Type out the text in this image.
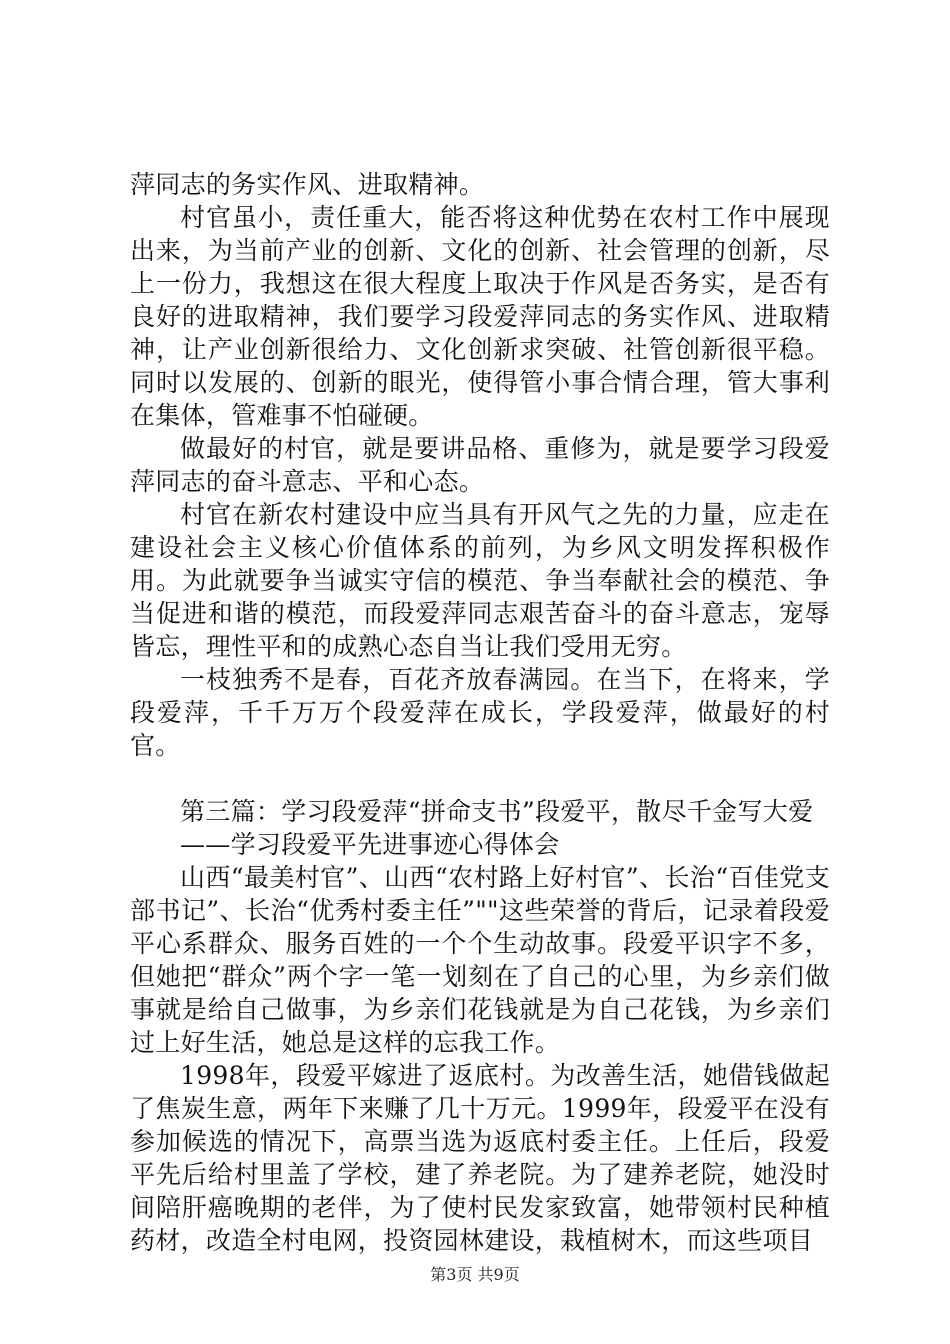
萍同志的务实作风、进取精神。

村官虽小，责任重大，能否将这种优势在农村工作中展现出来，为当前产业的创新、文化的创新、社会管理的创新，尽上一份力，我想这在很大程度上取决于作风是否务实，是否有良好的进取精神，我们要学习段爱萍同志的务实作风、进取精神，让产业创新很给力、文化创新求突破、社管创新很平稳。同时以发展的、创新的眼光，使得管小事合情合理，管大事利在集体，管难事不怕碰硬。

做最好的村官，就是要讲品格、重修为，就是要学习段爱萍同志的奋斗意志、平和心态。

村官在新农村建设中应当具有开风气之先的力量，应走在建设社会主义核心价值体系的前列，为乡风文明发挥积极作用。为此就要争当诚实守信的模范、争当奉献社会的模范、争当促进和谐的模范，而段爱萍同志艰苦奋斗的奋斗意志，宠辱皆忘，理性平和的成熟心态自当让我们受用无穷。

一枝独秀不是春，百花齐放春满园。在当下，在将来，学段爱萍，千千万万个段爱萍在成长，学段爱萍，做最好的村官。

第三篇：学习段爱萍“拼命支书”段爱平，散尽千金写大爱

——学习段爱平先进事迹心得体会

山西“最美村官”、山西“农村路上好村官”、长治“百佳党支部书记”、长治“优秀村委主任”""这些荣誉的背后，记录着段爱平心系群众、服务百姓的一个个生动故事。段爱平识字不多，但她把“群众”两个字一笔一划刻在了自己的心里，为乡亲们做事就是给自己做事，为乡亲们花钱就是为自己花钱，为乡亲们过上好生活，她总是这样的忘我工作。

1998年，段爱平嫁进了返底村。为改善生活，她借钱做起了焦炭生意，两年下来赚了几十万元。1999年，段爱平在没有参加候选的情况下，高票当选为返底村委主任。上任后，段爱平先后给村里盖了学校，建了养老院。为了建养老院，她没时间陪肝癌晚期的老伴，为了使村民发家致富，她带领村民种植药材，改造全村电网，投资园林建设，栽植树木，而这些项目

第3页 共9页
